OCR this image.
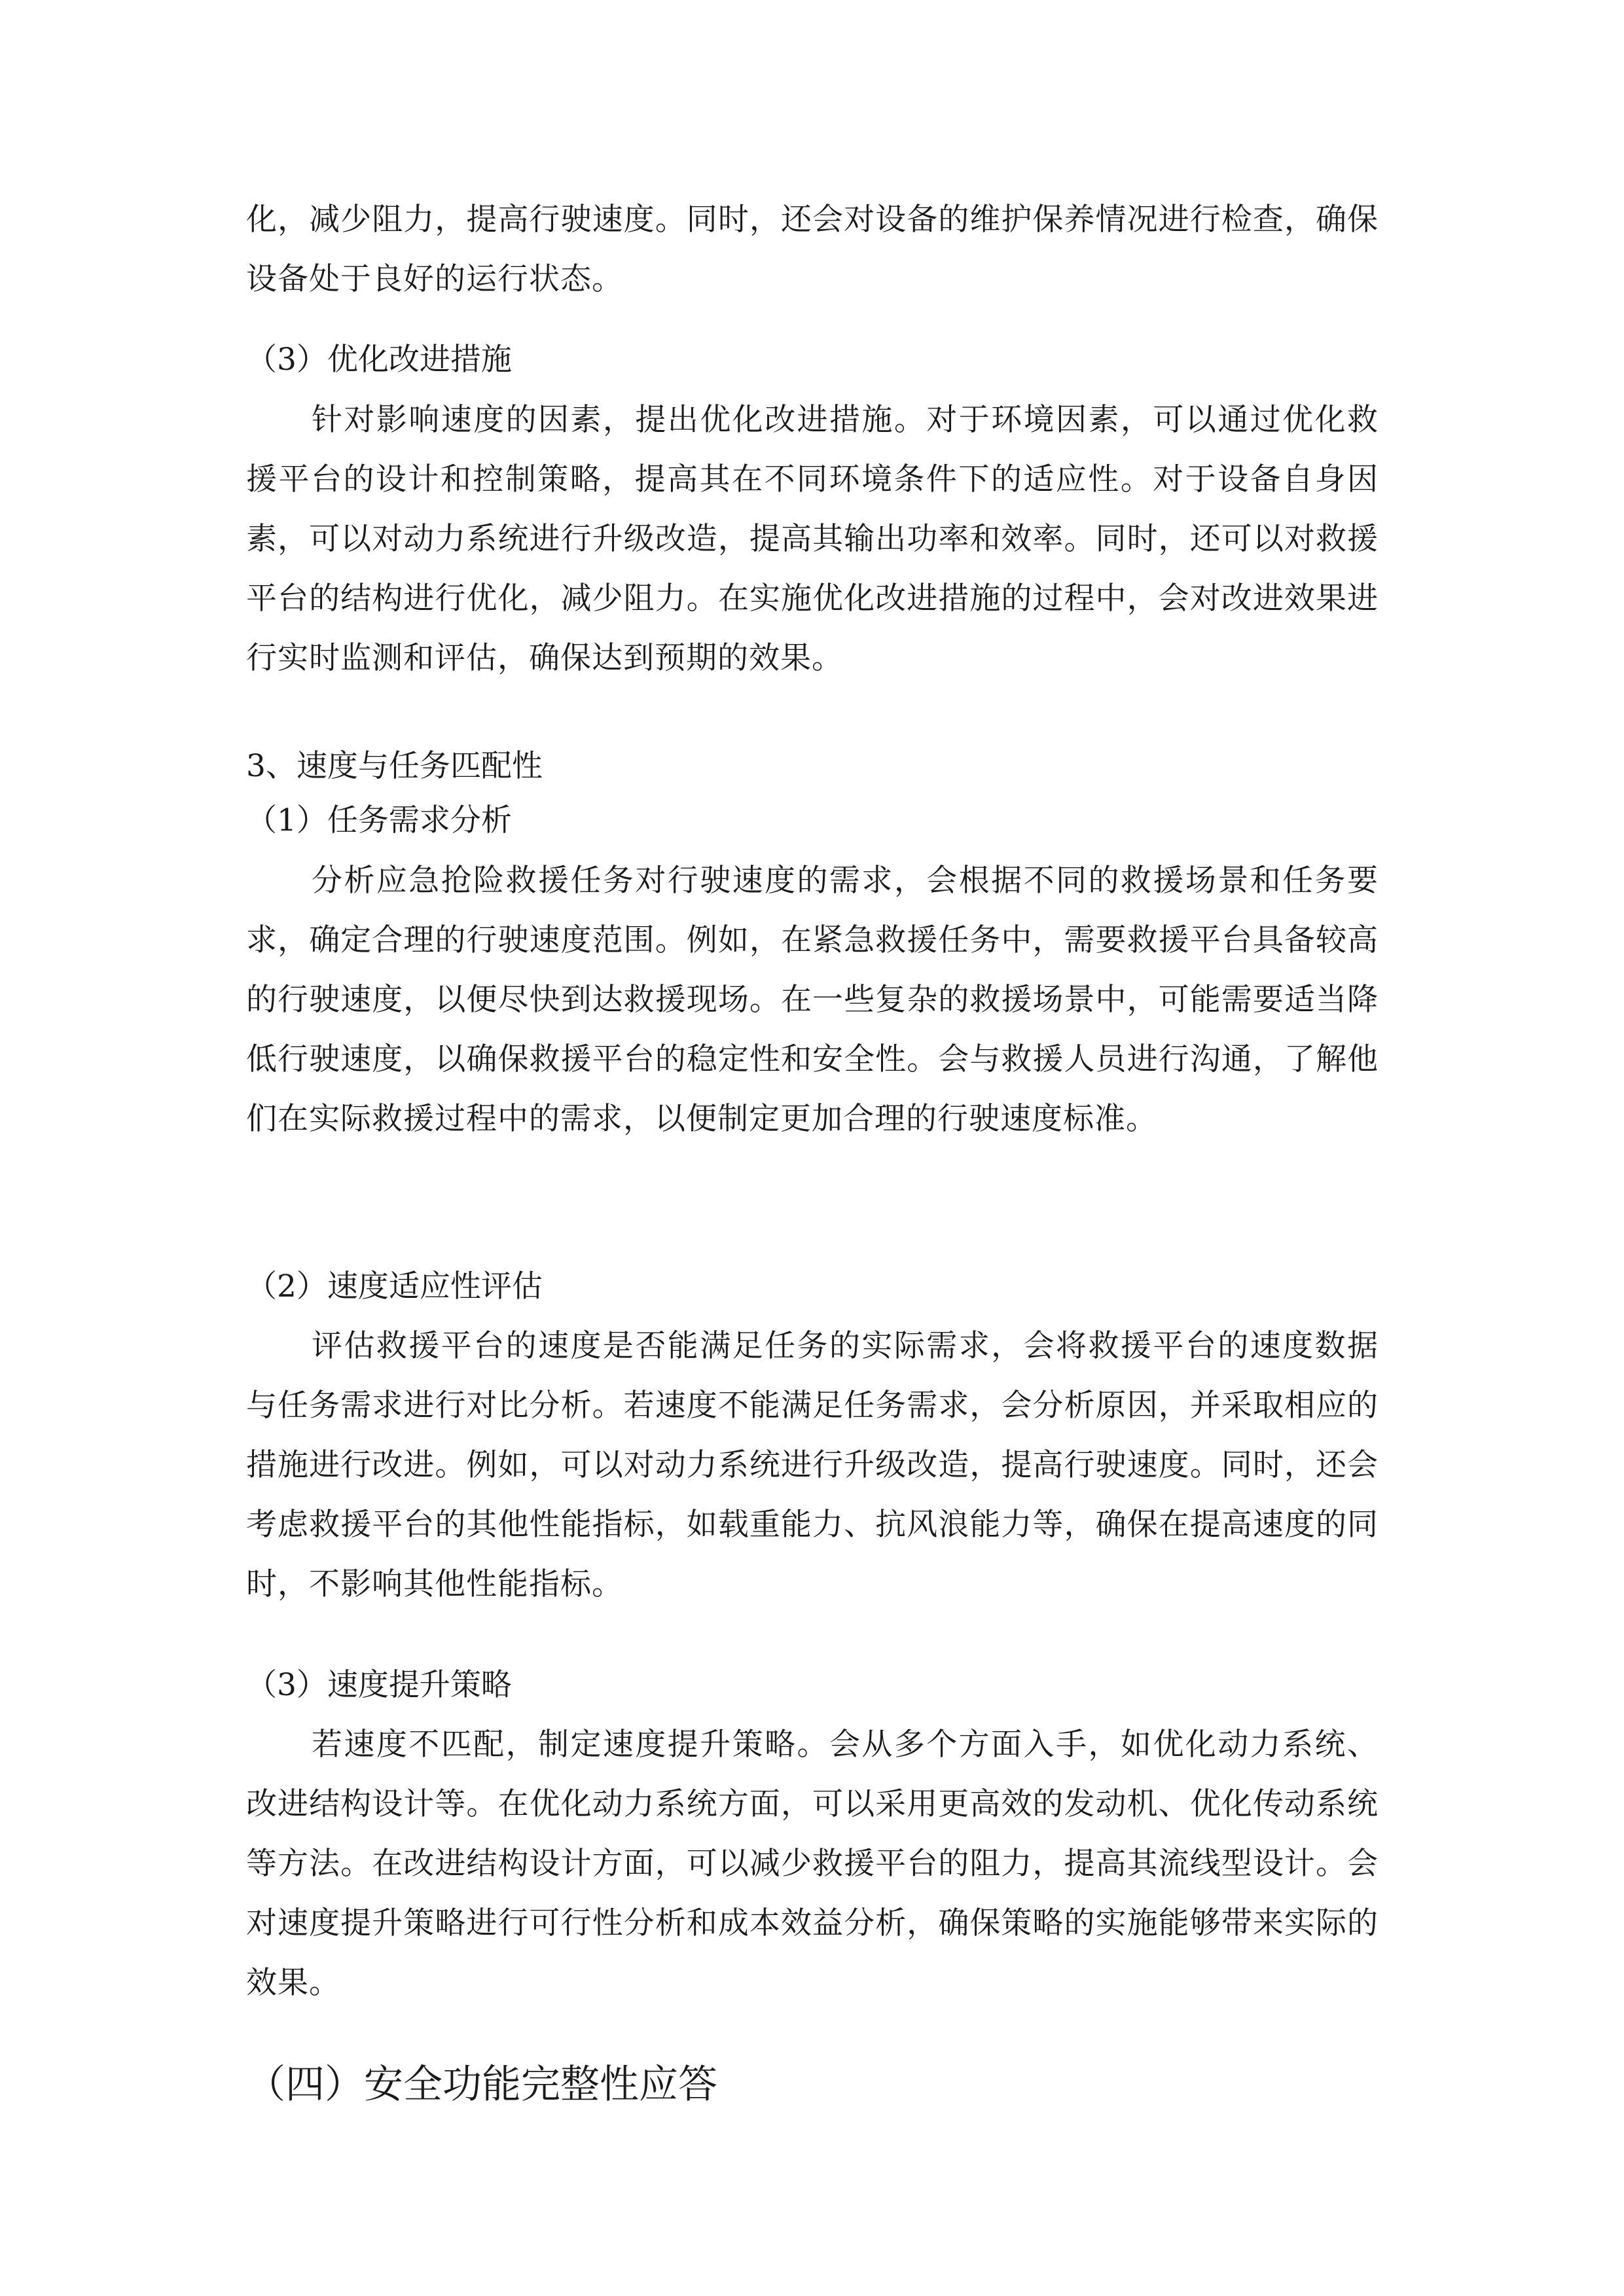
化，减少阻力，提高行驶速度。同时，还会对设备的维护保养情况进行检查，确保设备处于良好的运行状态。

（3）优化改进措施

针对影响速度的因素，提出优化改进措施。对于环境因素，可以通过优化救援平台的设计和控制策略，提高其在不同环境条件下的适应性。对于设备自身因素，可以对动力系统进行升级改造，提高其输出功率和效率。同时，还可以对救援平台的结构进行优化，减少阻力。在实施优化改进措施的过程中，会对改进效果进行实时监测和评估，确保达到预期的效果。

3、速度与任务匹配性

（1）任务需求分析

分析应急抢险救援任务对行驶速度的需求，会根据不同的救援场景和任务要求，确定合理的行驶速度范围。例如，在紧急救援任务中，需要救援平台具备较高的行驶速度，以便尽快到达救援现场。在一些复杂的救援场景中，可能需要适当降低行驶速度，以确保救援平台的稳定性和安全性。会与救援人员进行沟通，了解他们在实际救援过程中的需求，以便制定更加合理的行驶速度标准。

（2）速度适应性评估

评估救援平台的速度是否能满足任务的实际需求，会将救援平台的速度数据与任务需求进行对比分析。若速度不能满足任务需求，会分析原因，并采取相应的措施进行改进。例如，可以对动力系统进行升级改造，提高行驶速度。同时，还会考虑救援平台的其他性能指标，如载重能力、抗风浪能力等，确保在提高速度的同时，不影响其他性能指标。

（3）速度提升策略

若速度不匹配，制定速度提升策略。会从多个方面入手，如优化动力系统、改进结构设计等。在优化动力系统方面，可以采用更高效的发动机、优化传动系统等方法。在改进结构设计方面，可以减少救援平台的阻力，提高其流线型设计。会对速度提升策略进行可行性分析和成本效益分析，确保策略的实施能够带来实际的效果。

（四）安全功能完整性应答
